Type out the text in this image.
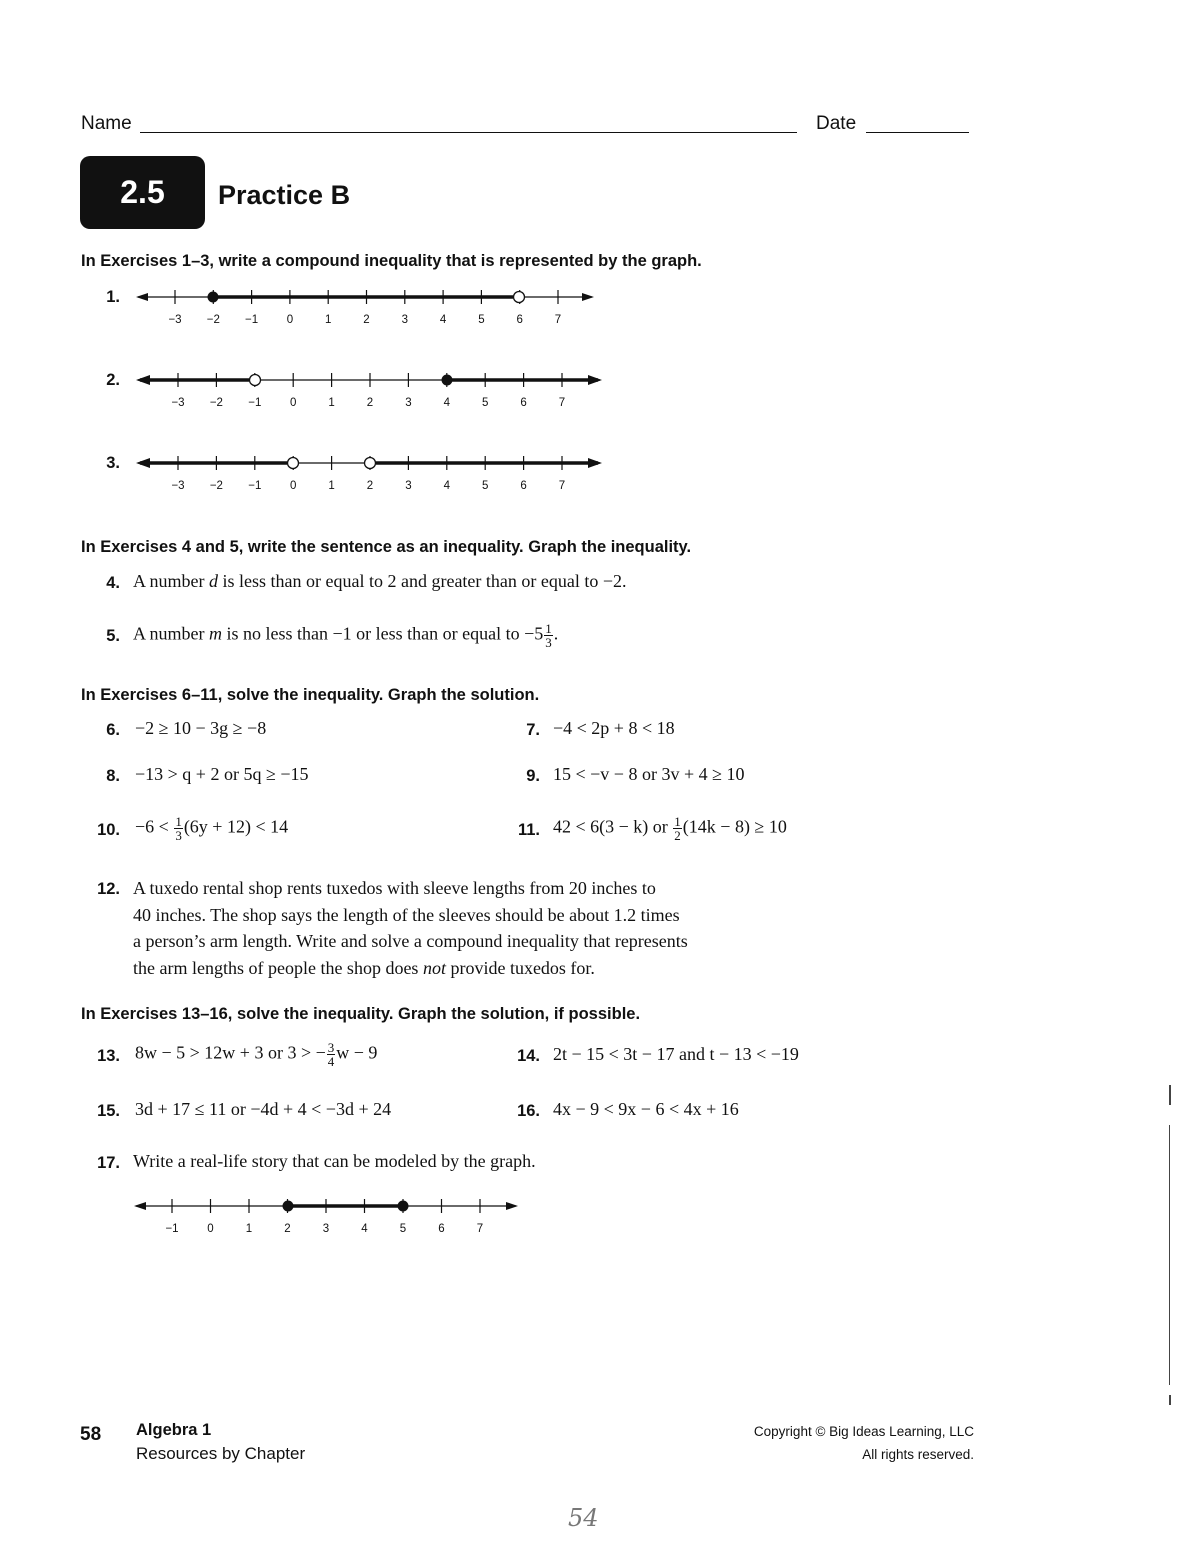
Name	Date
2.5	Practice B
In Exercises 1–3, write a compound inequality that is represented by the graph.
1.
−3 −2 −1 0	1	2	3	4	5	6	7
2.
−3 −2 −1 0	1	2	3	4	5	6	7
3.
−3 −2 −1 0	1	2	3	4	5	6	7
In Exercises 4 and 5, write the sentence as an inequality. Graph the inequality.
4. A number d is less than or equal to 2 and greater than or equal to −2.
5. A number m is no less than −1 or less than or equal to $-5 \frac{1}{3}$ .
In Exercises 6–11, solve the inequality. Graph the solution.
6. −2 ≥ 10 − 3g ≥ −8	7. −4 < 2p + 8 < 18
8. −13 > q + 2 or 5q ≥ −15	9. 15 < −v − 8 or 3v + 4 ≥ 10
10. $-6 < \frac{1}{3} (6y + 12) < 14$	11. 42 < 6(3 − k) or $\frac{1}{2} (14k - 8) \ge 10$
12. A tuxedo rental shop rents tuxedos with sleeve lengths from 20 inches to
40 inches. The shop says the length of the sleeves should be about 1.2 times
a person’s arm length. Write and solve a compound inequality that represents
the arm lengths of people the shop does not provide tuxedos for.
In Exercises 13–16, solve the inequality. Graph the solution, if possible.
13. 8w − 5 > 12w + 3 or 3 > − $\frac{3}{4}$ w − 9	14. 2t − 15 < 3t − 17 and t − 13 < −19
15. 3d + 17 ≤ 11 or −4d + 4 < −3d + 24	16. 4x − 9 < 9x − 6 < 4x + 16
17. Write a real-life story that can be modeled by the graph.
−1 0	1	2	3	4	5	6	7
58 Algebra 1
Resources by Chapter
Copyright © Big Ideas Learning, LLC
All rights reserved.
54
